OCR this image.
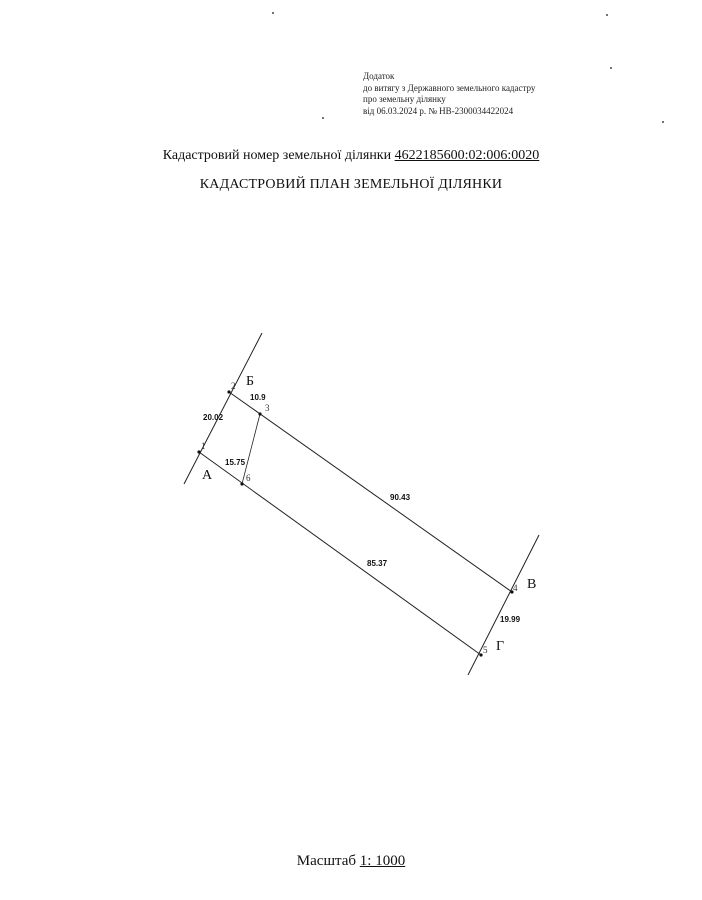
Додаток
до витягу з Державного земельного кадастру
про земельну ділянку
від 06.03.2024 р. № НВ-2300034422024
Кадастровий номер земельної ділянки 4622185600:02:006:0020
КАДАСТРОВИЙ ПЛАН ЗЕМЕЛЬНОЇ ДІЛЯНКИ
1
2
3
4
5
6
А
Б
В
Г
20.02
10.9
15.75
90.43
85.37
19.99
Масштаб 1: 1000
